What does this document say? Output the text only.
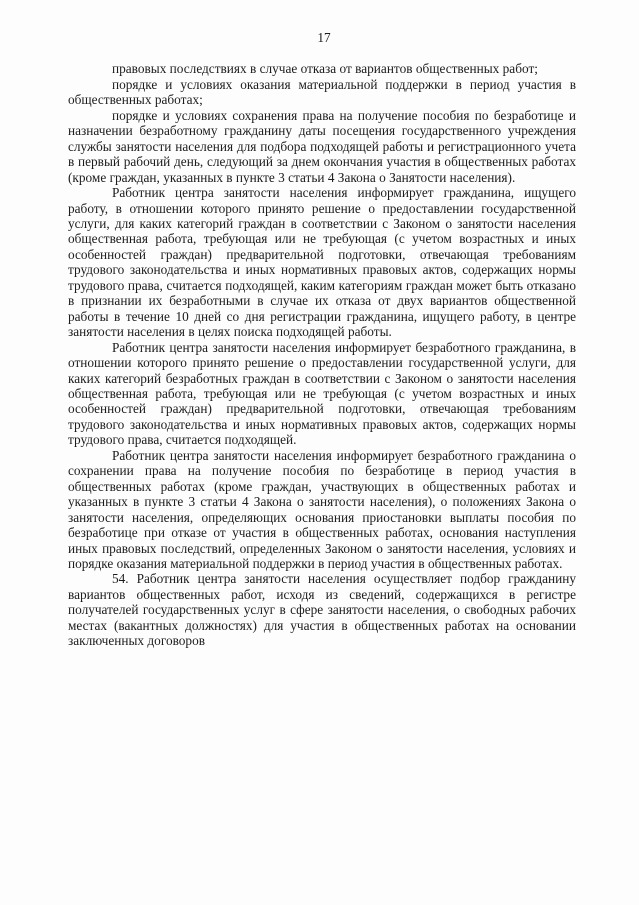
17

правовых последствиях в случае отказа от вариантов общественных работ;

порядке и условиях оказания материальной поддержки в период участия в общественных работах;

порядке и условиях сохранения права на получение пособия по безработице и назначении безработному гражданину даты посещения государственного учреждения службы занятости населения для подбора подходящей работы и регистрационного учета в первый рабочий день, следующий за днем окончания участия в общественных работах (кроме граждан, указанных в пункте 3 статьи 4 Закона о Занятости населения).

Работник центра занятости населения информирует гражданина, ищущего работу, в отношении которого принято решение о предоставлении государственной услуги, для каких категорий граждан в соответствии с Законом о занятости населения общественная работа, требующая или не требующая (с учетом возрастных и иных особенностей граждан) предварительной подготовки, отвечающая требованиям трудового законодательства и иных нормативных правовых актов, содержащих нормы трудового права, считается подходящей, каким категориям граждан может быть отказано в признании их безработными в случае их отказа от двух вариантов общественной работы в течение 10 дней со дня регистрации гражданина, ищущего работу, в центре занятости населения в целях поиска подходящей работы.

Работник центра занятости населения информирует безработного гражданина, в отношении которого принято решение о предоставлении государственной услуги, для каких категорий безработных граждан в соответствии с Законом о занятости населения общественная работа, требующая или не требующая (с учетом возрастных и иных особенностей граждан) предварительной подготовки, отвечающая требованиям трудового законодательства и иных нормативных правовых актов, содержащих нормы трудового права, считается подходящей.

Работник центра занятости населения информирует безработного гражданина о сохранении права на получение пособия по безработице в период участия в общественных работах (кроме граждан, участвующих в общественных работах и указанных в пункте 3 статьи 4 Закона о занятости населения), о положениях Закона о занятости населения, определяющих основания приостановки выплаты пособия по безработице при отказе от участия в общественных работах, основания наступления иных правовых последствий, определенных Законом о занятости населения, условиях и порядке оказания материальной поддержки в период участия в общественных работах.

54. Работник центра занятости населения осуществляет подбор гражданину вариантов общественных работ, исходя из сведений, содержащихся в регистре получателей государственных услуг в сфере занятости населения, о свободных рабочих местах (вакантных должностях) для участия в общественных работах на основании заключенных договоров
